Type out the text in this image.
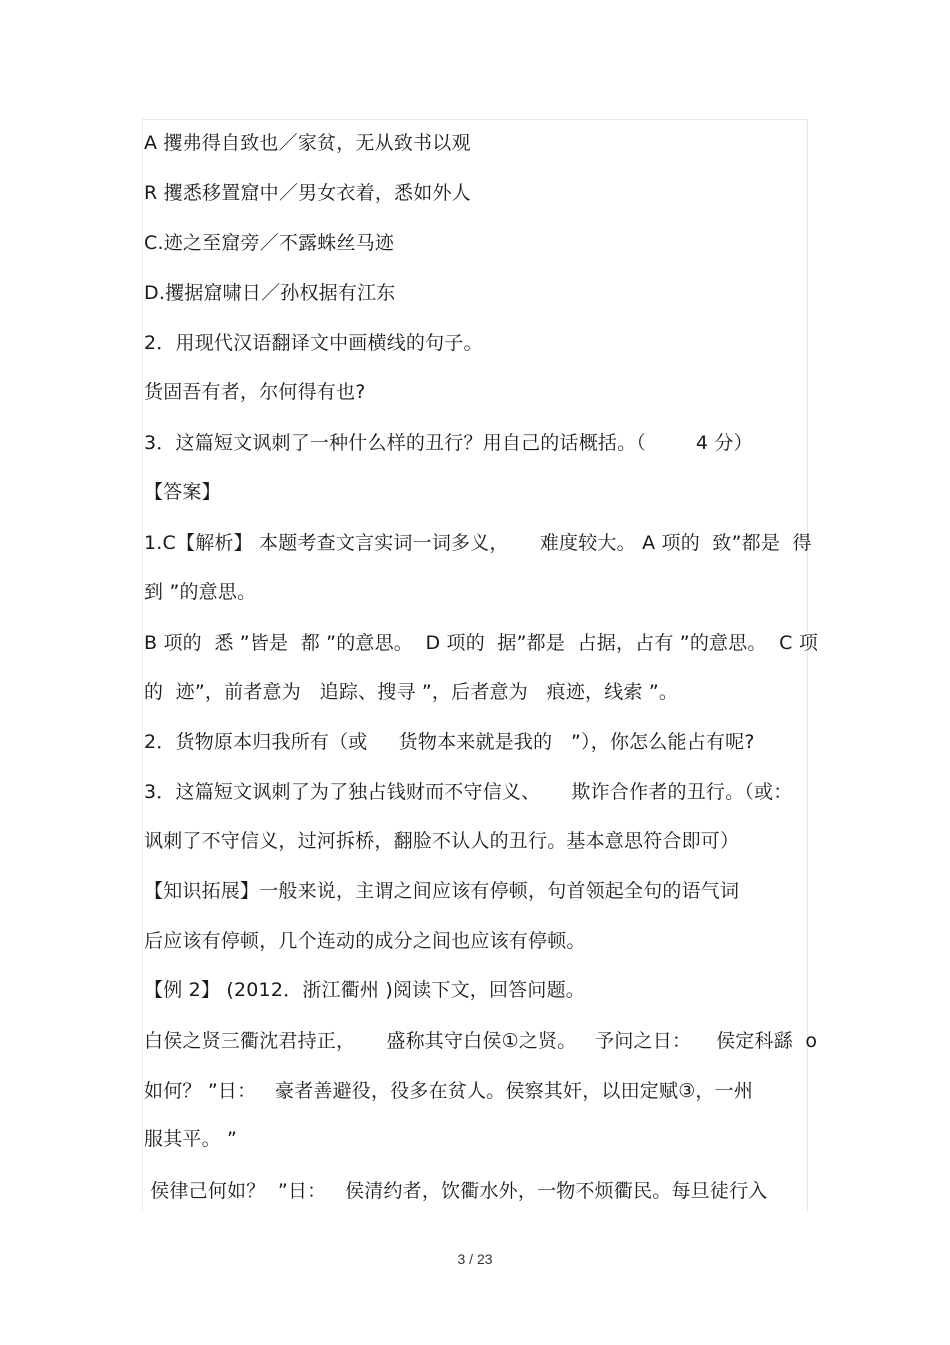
A 攫弗得自致也／家贫，无从致书以观
R 攫悉移置窟中／男女衣着，悉如外人
C.迹之至窟旁／不露蛛丝马迹
D.攫据窟啸日／孙权据有江东
2．用现代汉语翻译文中画横线的句子。
货固吾有者，尔何得有也?
3．这篇短文讽刺了一种什么样的丑行？用自己的话概括。（        4 分）
【答案】
1.C【解析】 本题考查文言实词一词多义，     难度较大。 A 项的  致”都是  得
到 ”的意思。
B 项的  悉 ”皆是  都 ”的意思。  D 项的  据”都是  占据，占有 ”的意思。  C 项
的  迹”，前者意为   追踪、搜寻 ”，后者意为   痕迹，线索 ”。
2．货物原本归我所有（或     货物本来就是我的   ”），你怎么能占有呢?
3．这篇短文讽刺了为了独占钱财而不守信义、     欺诈合作者的丑行。（或：
讽刺了不守信义，过河拆桥，翻脸不认人的丑行。基本意思符合即可）
【知识拓展】一般来说，主谓之间应该有停顿，句首领起全句的语气词
后应该有停顿，几个连动的成分之间也应该有停顿。
【例 2】 (2012．浙江衢州 )阅读下文，回答问题。
白侯之贤三衢沈君持正，     盛称其守白侯①之贤。   予问之日：    侯定科繇  o
如何？ ”日：   豪者善避役，役多在贫人。侯察其奸，以田定赋③，一州
服其平。 ”
侯律己何如？  ”日：   侯清约者，饮衢水外，一物不烦衢民。每旦徒行入
3 / 23
